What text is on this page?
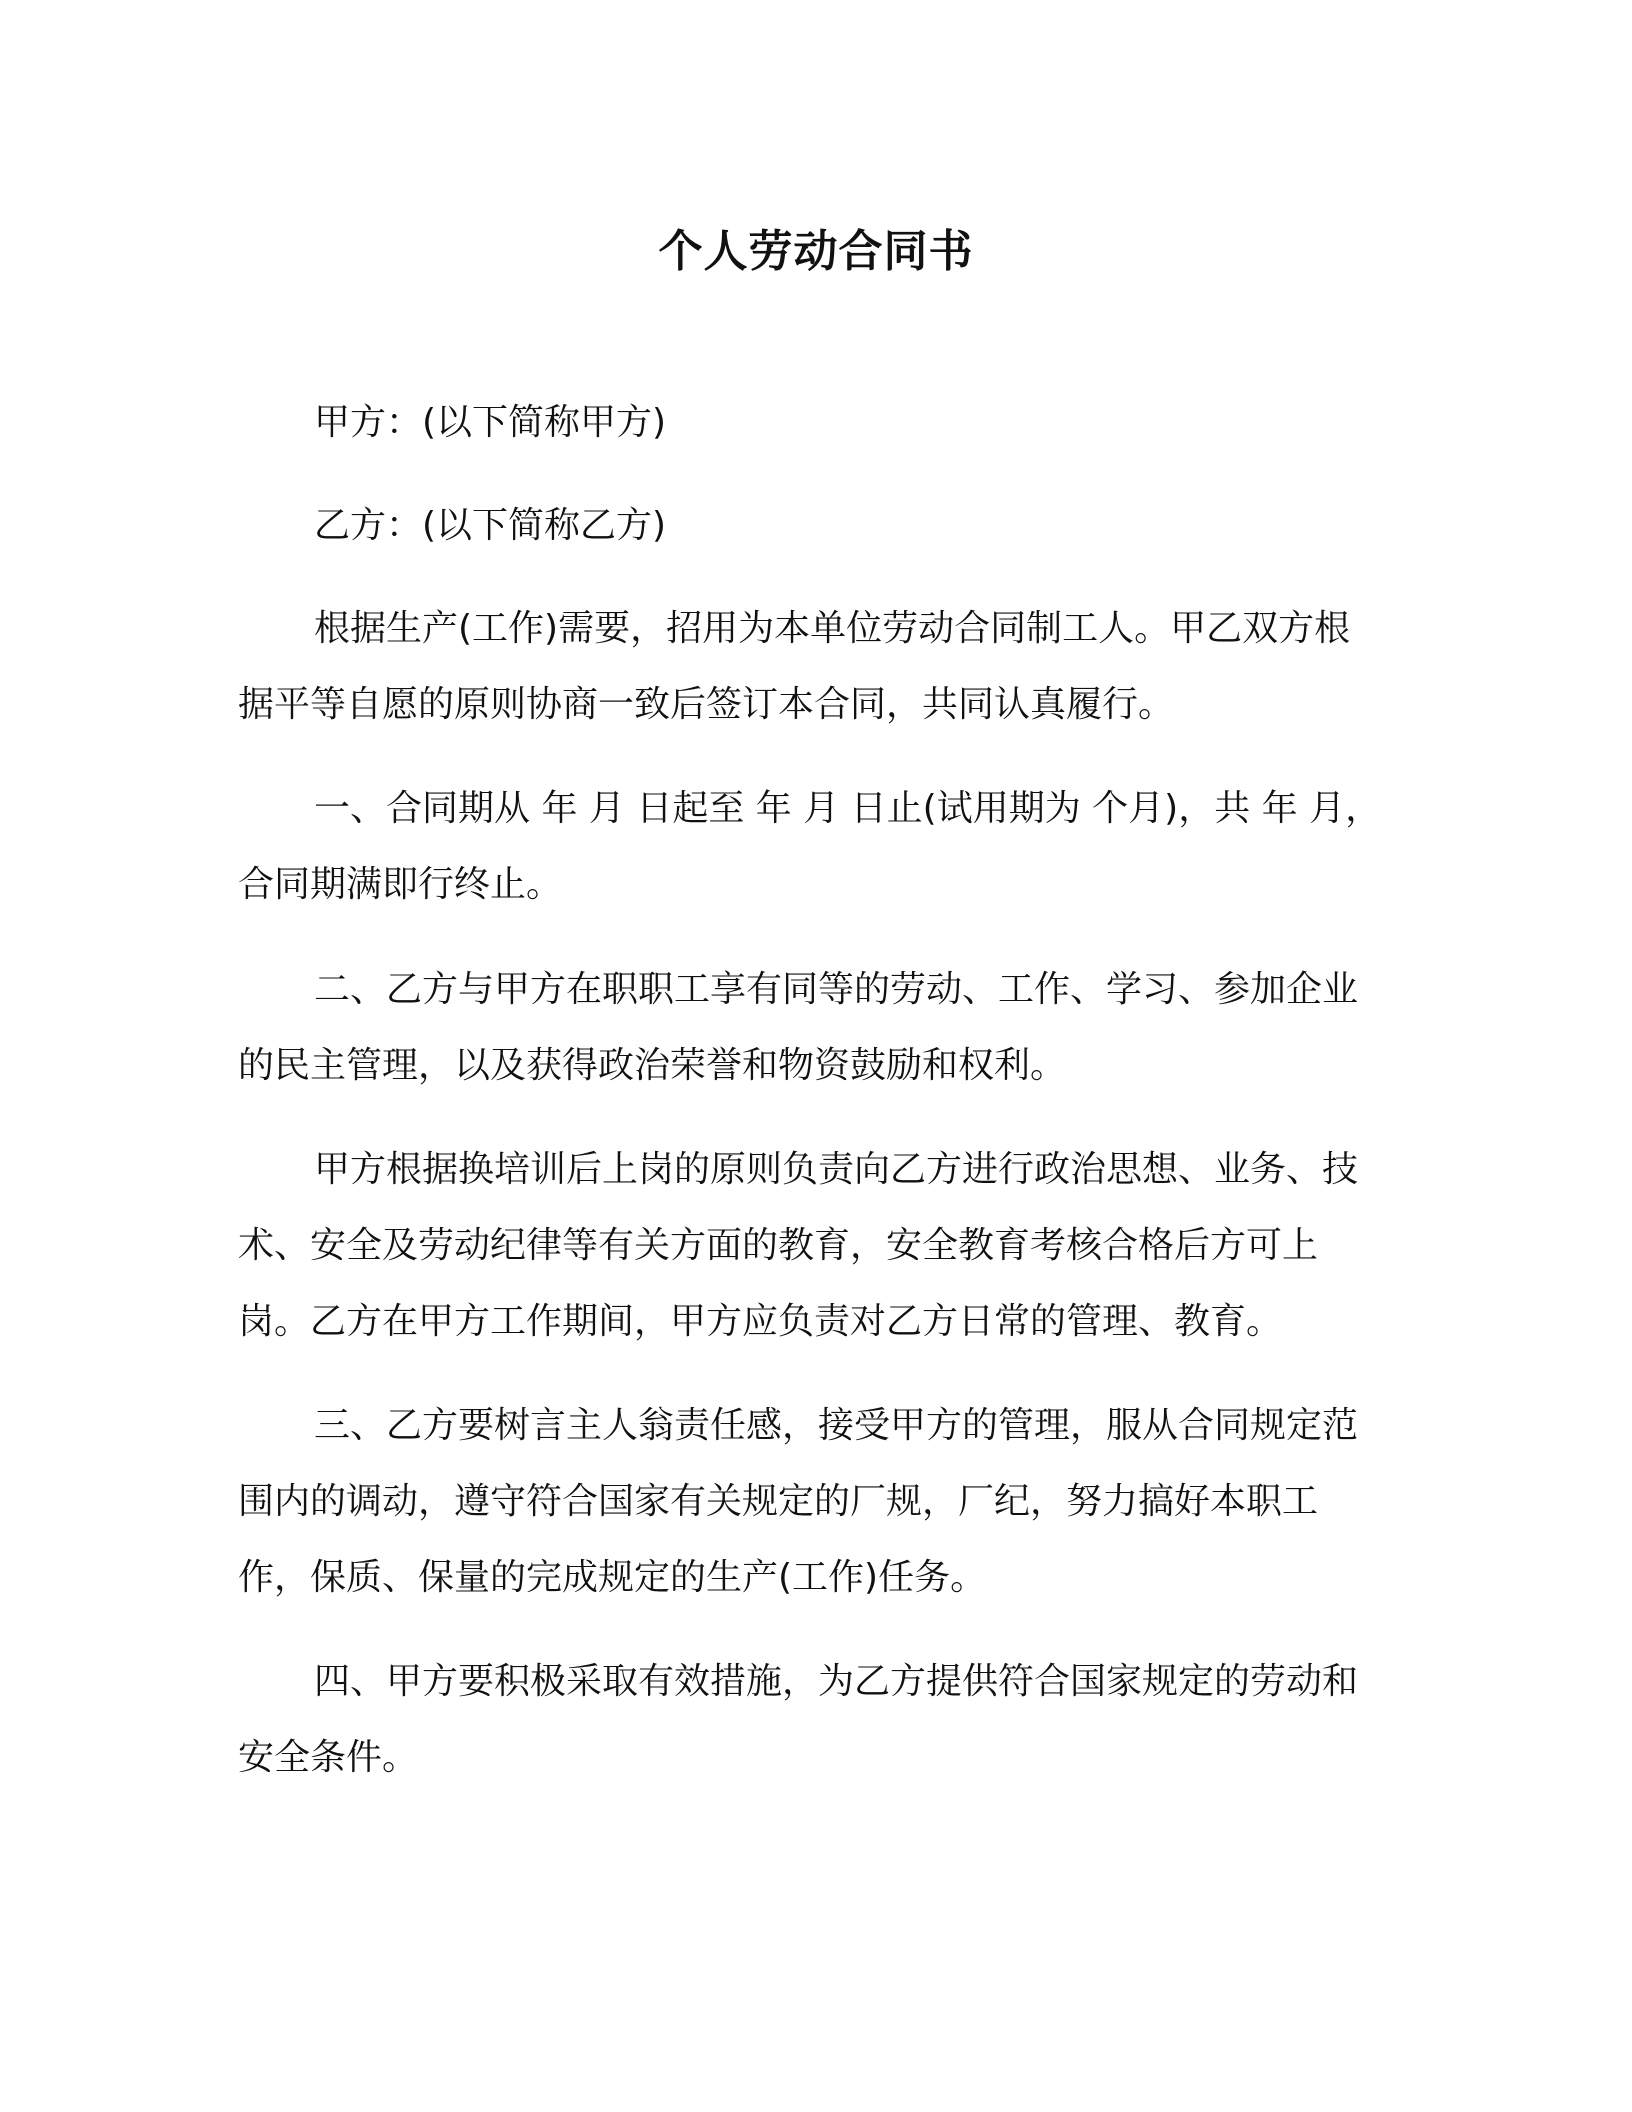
个人劳动合同书

甲方：(以下简称甲方)

乙方：(以下简称乙方)

根据生产(工作)需要，招用为本单位劳动合同制工人。甲乙双方根据平等自愿的原则协商一致后签订本合同，共同认真履行。

一、合同期从 年 月 日起至 年 月 日止(试用期为 个月)，共 年 月，合同期满即行终止。

二、乙方与甲方在职职工享有同等的劳动、工作、学习、参加企业的民主管理，以及获得政治荣誉和物资鼓励和权利。

甲方根据换培训后上岗的原则负责向乙方进行政治思想、业务、技术、安全及劳动纪律等有关方面的教育，安全教育考核合格后方可上岗。乙方在甲方工作期间，甲方应负责对乙方日常的管理、教育。

三、乙方要树言主人翁责任感，接受甲方的管理，服从合同规定范围内的调动，遵守符合国家有关规定的厂规，厂纪，努力搞好本职工作，保质、保量的完成规定的生产(工作)任务。

四、甲方要积极采取有效措施，为乙方提供符合国家规定的劳动和安全条件。
